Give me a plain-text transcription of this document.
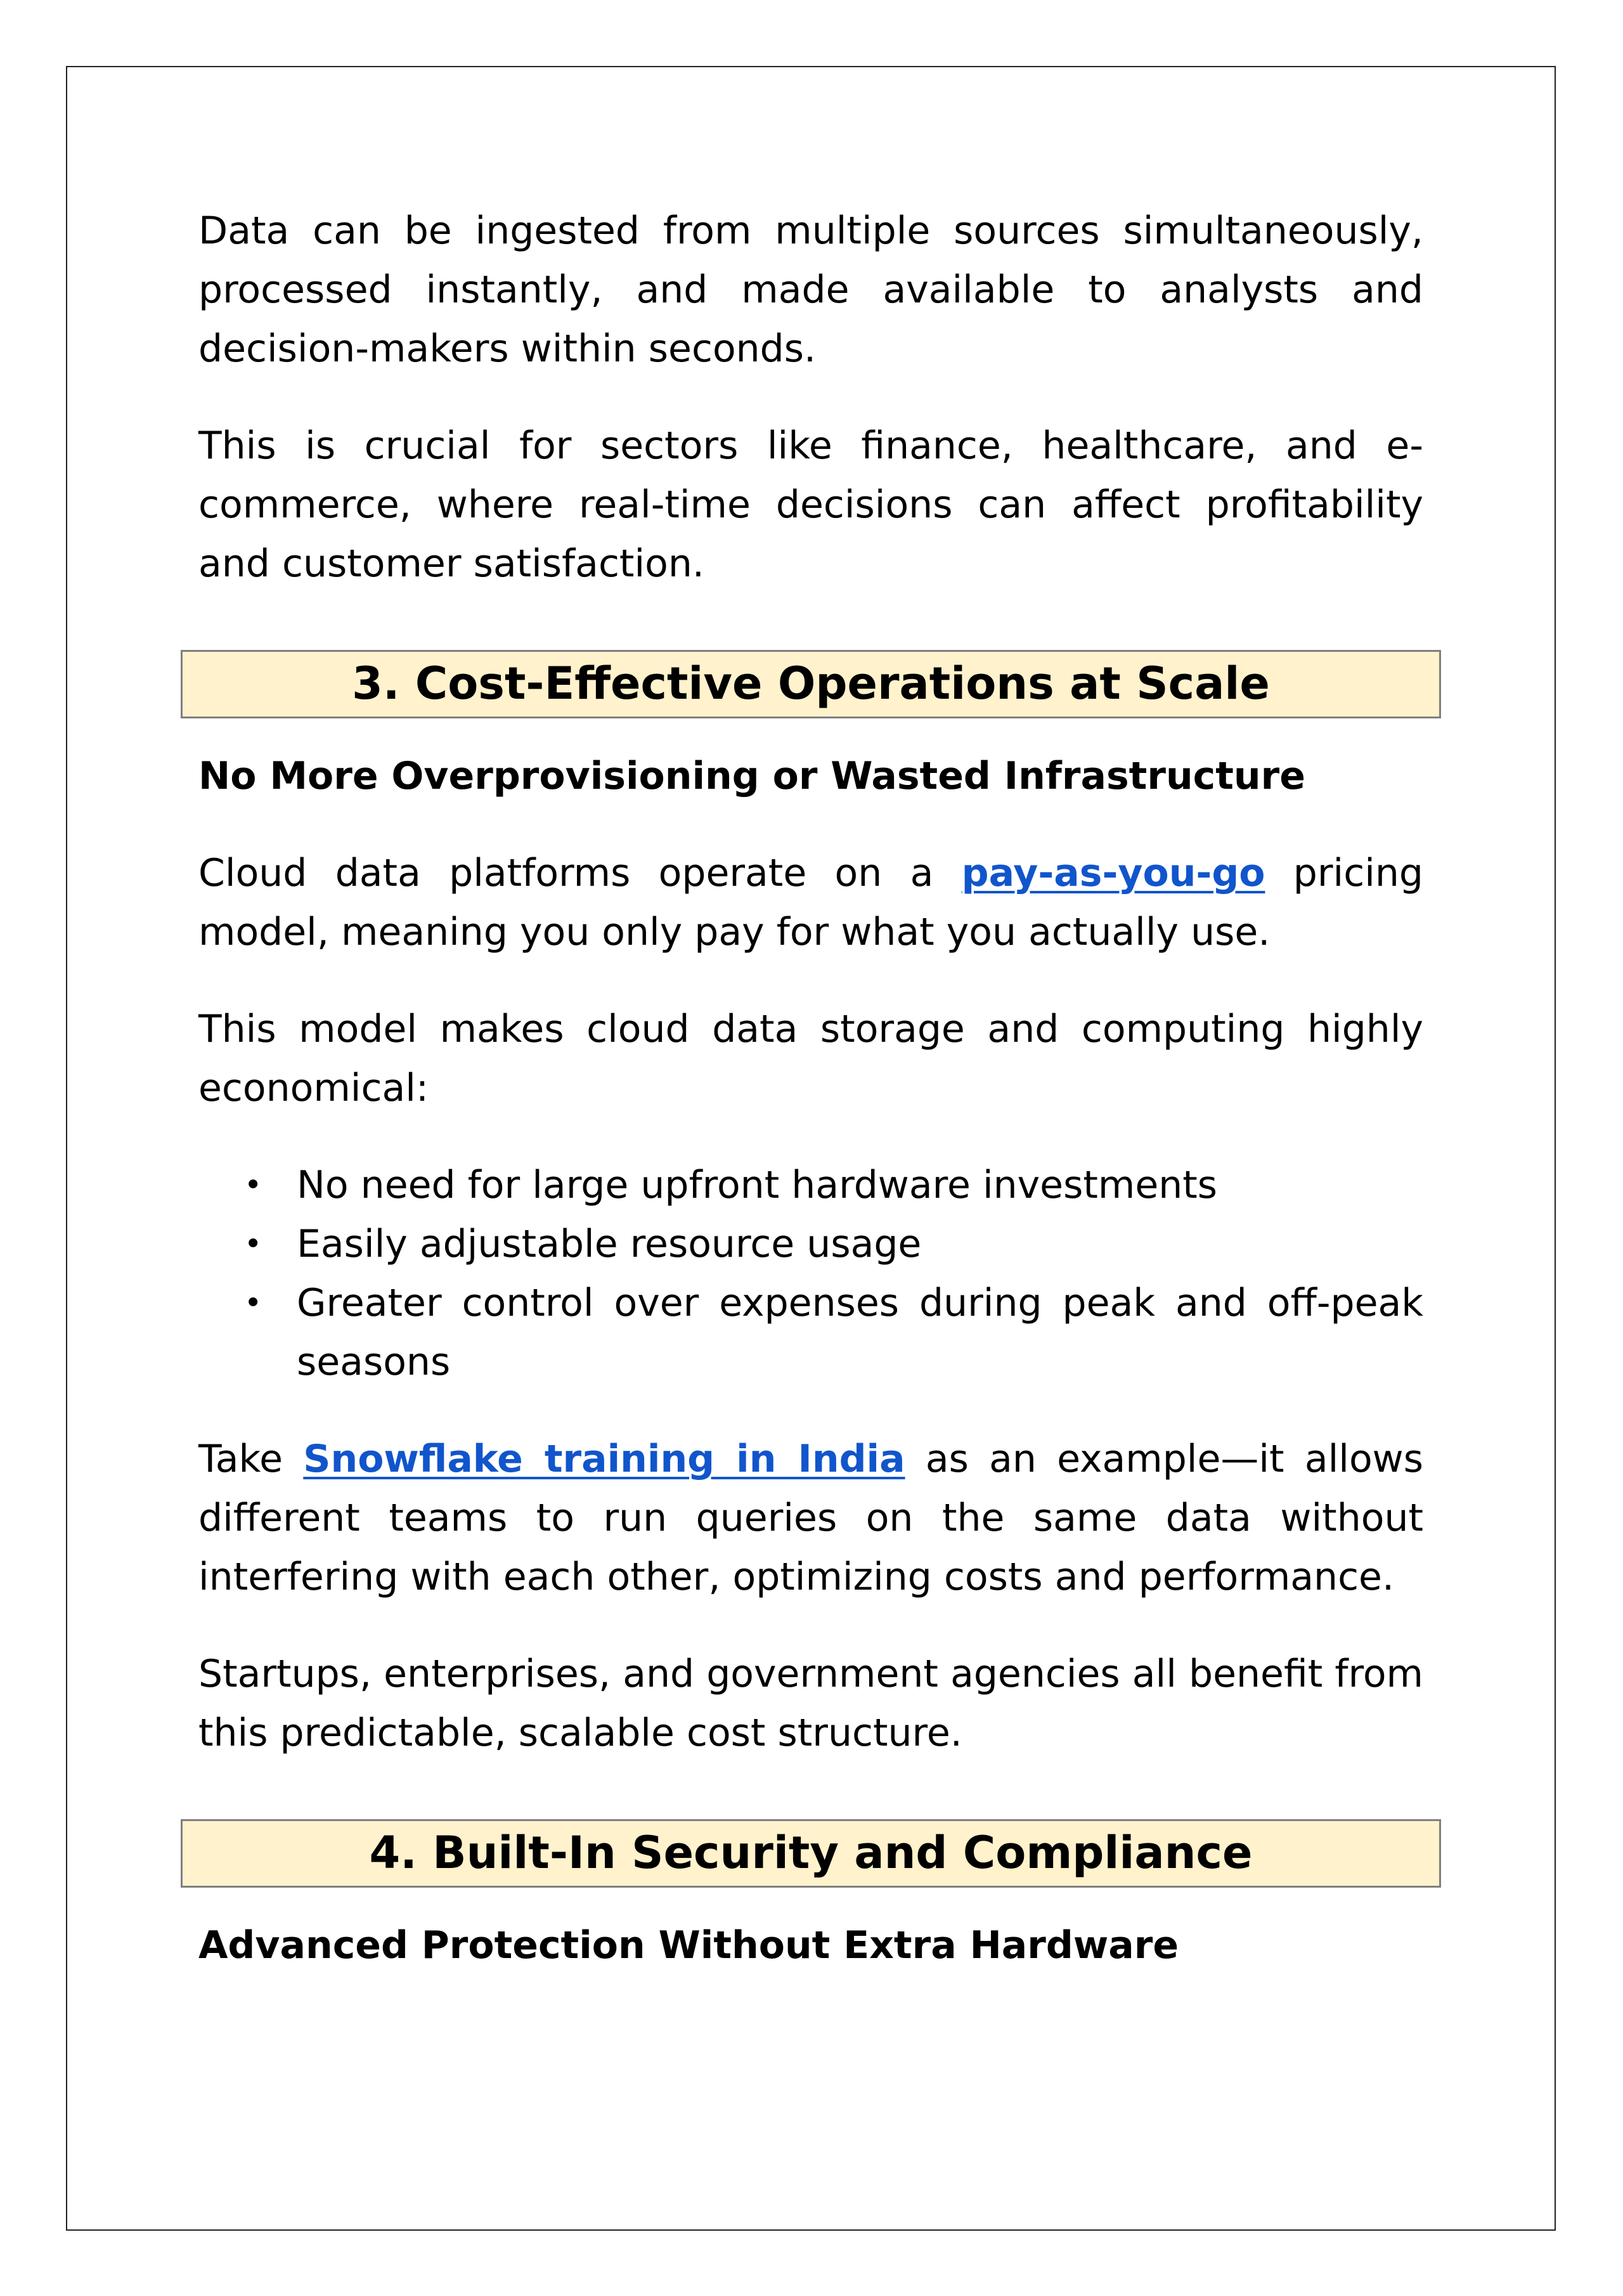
Data can be ingested from multiple sources simultaneously, processed instantly, and made available to analysts and decision-makers within seconds.

This is crucial for sectors like finance, healthcare, and e-commerce, where real-time decisions can affect profitability and customer satisfaction.

3. Cost-Effective Operations at Scale

No More Overprovisioning or Wasted Infrastructure

Cloud data platforms operate on a pay-as-you-go pricing model, meaning you only pay for what you actually use.

This model makes cloud data storage and computing highly economical:

• No need for large upfront hardware investments
• Easily adjustable resource usage
• Greater control over expenses during peak and off-peak seasons

Take Snowflake training in India as an example—it allows different teams to run queries on the same data without interfering with each other, optimizing costs and performance.

Startups, enterprises, and government agencies all benefit from this predictable, scalable cost structure.

4. Built-In Security and Compliance

Advanced Protection Without Extra Hardware
